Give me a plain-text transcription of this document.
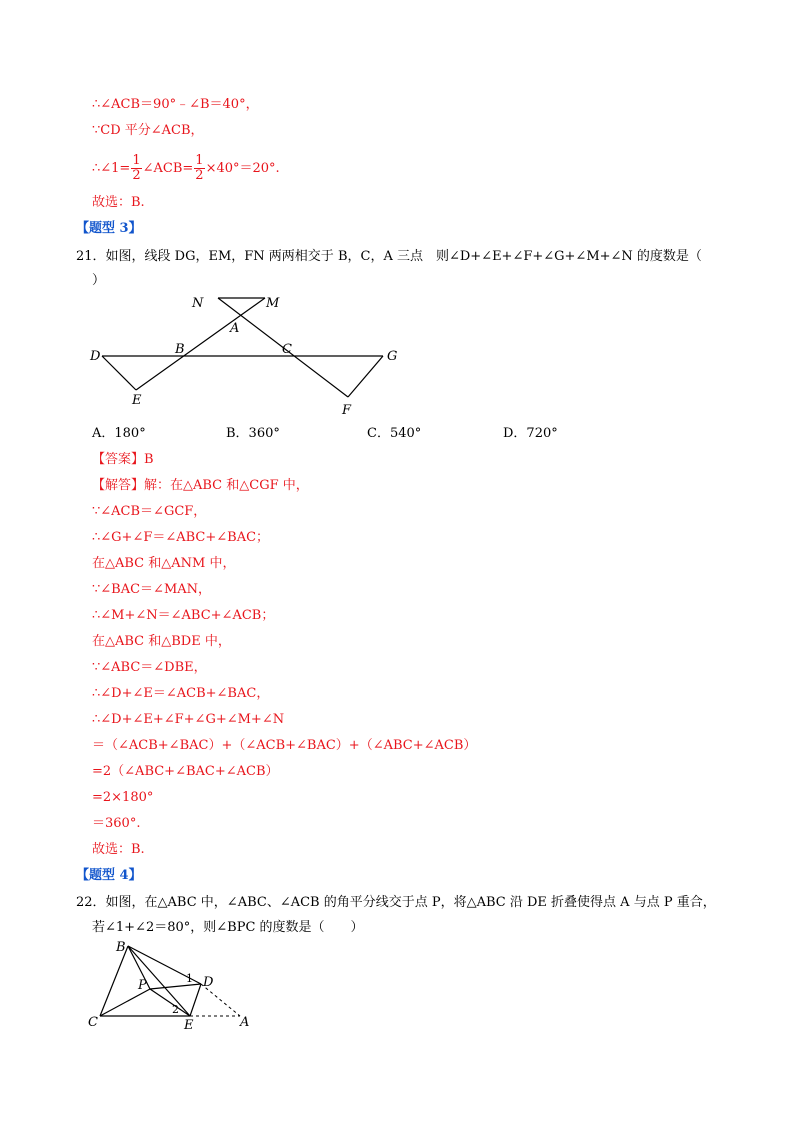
∴∠ACB＝90°﹣∠B＝40°，
∵CD 平分∠ACB，
∴∠1= $\frac{1}{2}$ ∠ACB= $\frac{1}{2} \times 40^\circ=20^\circ$.
故选：B.
【题型 3】
21．如图，线段 DG，EM，FN 两两相交于 B，C，A 三点　则∠D+∠E+∠F+∠G+∠M+∠N 的度数是（
）
N	M
A
D	B	C	G
E
F
A．180°	B．360°	C．540°	D．720°
【答案】B
【解答】解：在△ABC 和△CGF 中，
∵∠ACB＝∠GCF，
∴∠G+∠F＝∠ABC+∠BAC；
在△ABC 和△ANM 中，
∵∠BAC＝∠MAN，
∴∠M+∠N＝∠ABC+∠ACB；
在△ABC 和△BDE 中，
∵∠ABC＝∠DBE，
∴∠D+∠E＝∠ACB+∠BAC，
∴∠D+∠E+∠F+∠G+∠M+∠N
＝（∠ACB+∠BAC）+（∠ACB+∠BAC）+（∠ABC+∠ACB）
=2（∠ABC+∠BAC+∠ACB）
=2×180°
＝360°.
故选：B.
【题型 4】
22．如图，在△ABC 中，∠ABC、∠ACB 的角平分线交于点 P，将△ABC 沿 DE 折叠使得点 A 与点 P 重合，
若∠1+∠2＝80°，则∠BPC 的度数是（　　）
B
P	D
C	E	A
1
2
